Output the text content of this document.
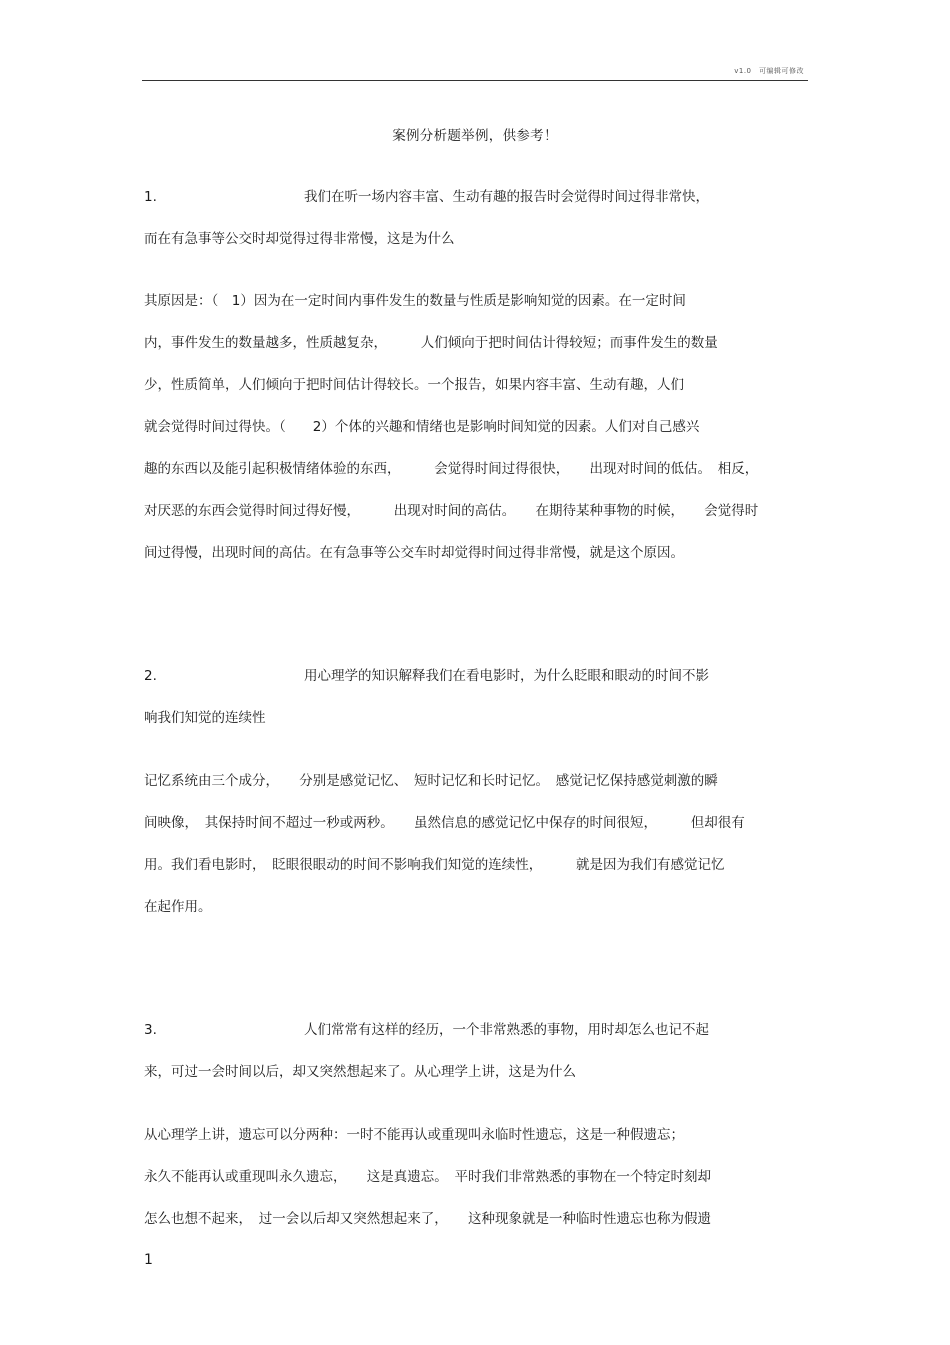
v1.0　可编辑可修改
案例分析题举例，供参考！
1.	我们在听一场内容丰富、生动有趣的报告时会觉得时间过得非常快，
而在有急事等公交时却觉得过得非常慢，这是为什么
其原因是：（　1）因为在一定时间内事件发生的数量与性质是影响知觉的因素。在一定时间
内，事件发生的数量越多，性质越复杂，　　　人们倾向于把时间估计得较短；而事件发生的数量
少，性质简单，人们倾向于把时间估计得较长。一个报告，如果内容丰富、生动有趣，人们
就会觉得时间过得快。（　　2）个体的兴趣和情绪也是影响时间知觉的因素。人们对自己感兴
趣的东西以及能引起积极情绪体验的东西，　　　会觉得时间过得很快，　　出现对时间的低估。　相反，
对厌恶的东西会觉得时间过得好慢，　　　出现对时间的高估。　　在期待某种事物的时候，　　会觉得时
间过得慢，出现时间的高估。在有急事等公交车时却觉得时间过得非常慢，就是这个原因。
2.	用心理学的知识解释我们在看电影时，为什么眨眼和眼动的时间不影
响我们知觉的连续性
记忆系统由三个成分，　　分别是感觉记忆、　短时记忆和长时记忆。　感觉记忆保持感觉刺激的瞬
间映像，　其保持时间不超过一秒或两秒。　　虽然信息的感觉记忆中保存的时间很短，　　　但却很有
用。我们看电影时，　眨眼很眼动的时间不影响我们知觉的连续性，　　　就是因为我们有感觉记忆
在起作用。
3.	人们常常有这样的经历，一个非常熟悉的事物，用时却怎么也记不起
来，可过一会时间以后，却又突然想起来了。从心理学上讲，这是为什么
从心理学上讲，遗忘可以分两种：一时不能再认或重现叫永临时性遗忘，这是一种假遗忘；
永久不能再认或重现叫永久遗忘，　　这是真遗忘。　平时我们非常熟悉的事物在一个特定时刻却
怎么也想不起来，　过一会以后却又突然想起来了，　　这种现象就是一种临时性遗忘也称为假遗
1
